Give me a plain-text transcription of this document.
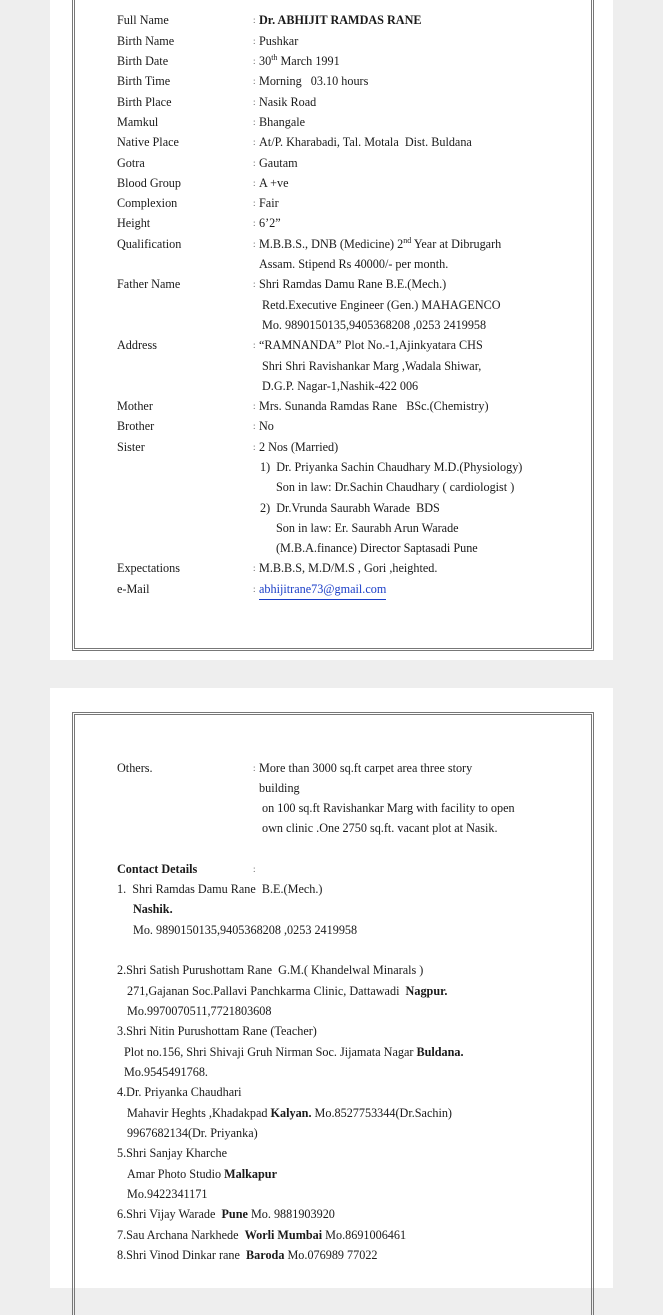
Full Name	: Dr. ABHIJIT RAMDAS RANE
Birth Name	: Pushkar
Birth Date	: 30th March 1991
Birth Time	: Morning   03.10 hours
Birth Place	: Nasik Road
Mamkul	: Bhangale
Native Place	: At/P. Kharabadi, Tal. Motala  Dist. Buldana
Gotra	: Gautam
Blood Group	: A +ve
Complexion	: Fair
Height	: 6’2”
Qualification	: M.B.B.S., DNB (Medicine) 2nd Year at Dibrugarh
Assam. Stipend Rs 40000/- per month.
Father Name	: Shri Ramdas Damu Rane B.E.(Mech.)
Retd.Executive Engineer (Gen.) MAHAGENCO
Mo. 9890150135,9405368208 ,0253 2419958
Address	: “RAMNANDA” Plot No.-1,Ajinkyatara CHS
Shri Shri Ravishankar Marg ,Wadala Shiwar,
D.G.P. Nagar-1,Nashik-422 006
Mother	: Mrs. Sunanda Ramdas Rane   BSc.(Chemistry)
Brother	: No
Sister	: 2 Nos (Married)
1)  Dr. Priyanka Sachin Chaudhary M.D.(Physiology)
Son in law: Dr.Sachin Chaudhary ( cardiologist )
2)  Dr.Vrunda Saurabh Warade  BDS
Son in law: Er. Saurabh Arun Warade
(M.B.A.finance) Director Saptasadi Pune
Expectations	: M.B.B.S, M.D/M.S , Gori ,heighted.
e-Mail	: abhijitrane73@gmail.com
Others.	: More than 3000 sq.ft carpet area three story
building
on 100 sq.ft Ravishankar Marg with facility to open
own clinic .One 2750 sq.ft. vacant plot at Nasik.
Contact Details	:
1.  Shri Ramdas Damu Rane  B.E.(Mech.)
Nashik.
Mo. 9890150135,9405368208 ,0253 2419958
2.Shri Satish Purushottam Rane  G.M.( Khandelwal Minarals )
271,Gajanan Soc.Pallavi Panchkarma Clinic, Dattawadi  Nagpur.
Mo.9970070511,7721803608
3.Shri Nitin Purushottam Rane (Teacher)
Plot no.156, Shri Shivaji Gruh Nirman Soc. Jijamata Nagar Buldana.
Mo.9545491768.
4.Dr. Priyanka Chaudhari
Mahavir Heghts ,Khadakpad Kalyan. Mo.8527753344(Dr.Sachin)
9967682134(Dr. Priyanka)
5.Shri Sanjay Kharche
Amar Photo Studio Malkapur
Mo.9422341171
6.Shri Vijay Warade  Pune Mo. 9881903920
7.Sau Archana Narkhede  Worli Mumbai Mo.8691006461
8.Shri Vinod Dinkar rane  Baroda Mo.076989 77022
